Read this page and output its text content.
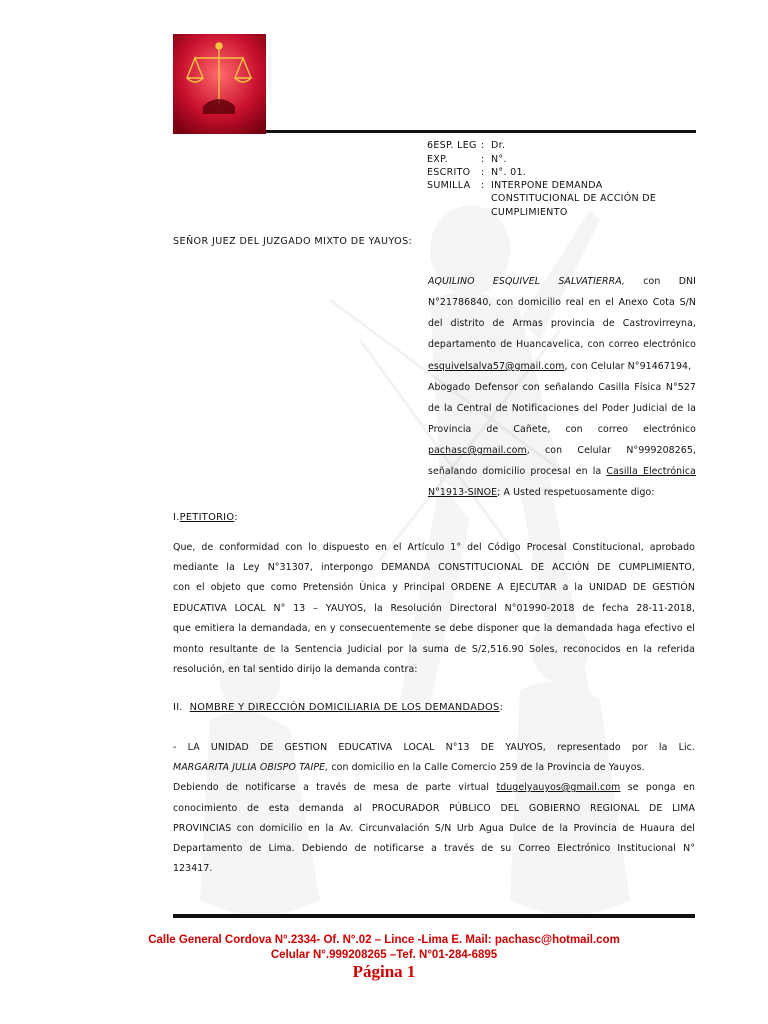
6ESP. LEG : Dr.
EXP.	: N°.
ESCRITO : N°. 01.
SUMILLA : INTERPONE DEMANDA
CONSTITUCIONAL DE ACCIÓN DE
CUMPLIMIENTO
SEÑOR JUEZ DEL JUZGADO MIXTO DE YAUYOS:
AQUILINO ESQUIVEL SALVATIERRA, con DNI
N°21786840, con domicilio real en el Anexo Cota S/N
del distrito de Armas provincia de Castrovirreyna,
departamento de Huancavelica, con correo electrónico
esquivelsalva57@gmail.com, con Celular N°91467194,
Abogado Defensor con señalando Casilla Física N°527
de la Central de Notificaciones del Poder Judicial de la
Provincia de Cañete, con correo electrónico
pachasc@gmail.com, con Celular N°999208265,
señalando domicilio procesal en la Casilla Electrónica
N°1913-SINOE; A Usted respetuosamente digo:
I.PETITORIO:
Que, de conformidad con lo dispuesto en el Artículo 1° del Código Procesal Constitucional, aprobado
mediante la Ley N°31307, interpongo DEMANDA CONSTITUCIONAL DE ACCIÓN DE CUMPLIMIENTO,
con el objeto que como Pretensión Única y Principal ORDENE A EJECUTAR a la UNIDAD DE GESTIÓN
EDUCATIVA LOCAL N° 13 – YAUYOS, la Resolución Directoral N°01990-2018 de fecha 28-11-2018,
que emitiera la demandada, en y consecuentemente se debe disponer que la demandada haga efectivo el
monto resultante de la Sentencia Judicial por la suma de S/2,516.90 Soles, reconocidos en la referida
resolución, en tal sentido dirijo la demanda contra:
II. NOMBRE Y DIRECCIÓN DOMICILIARIA DE LOS DEMANDADOS:
- LA UNIDAD DE GESTION EDUCATIVA LOCAL N°13 DE YAUYOS, representado por la Lic.
MARGARITA JULIA OBISPO TAIPE, con domicilio en la Calle Comercio 259 de la Provincia de Yauyos.
Debiendo de notificarse a través de mesa de parte virtual tdugelyauyos@gmail.com se ponga en
conocimiento de esta demanda al PROCURADOR PÚBLICO DEL GOBIERNO REGIONAL DE LIMA
PROVINCIAS con domicilio en la Av. Circunvalación S/N Urb Agua Dulce de la Provincia de Huaura del
Departamento de Lima. Debiendo de notificarse a través de su Correo Electrónico Institucional N°
123417.
Calle General Cordova N°.2334- Of. N°.02 – Lince -Lima E. Mail: pachasc@hotmail.com
Celular N°.999208265 –Tef. N°01-284-6895
Página 1
